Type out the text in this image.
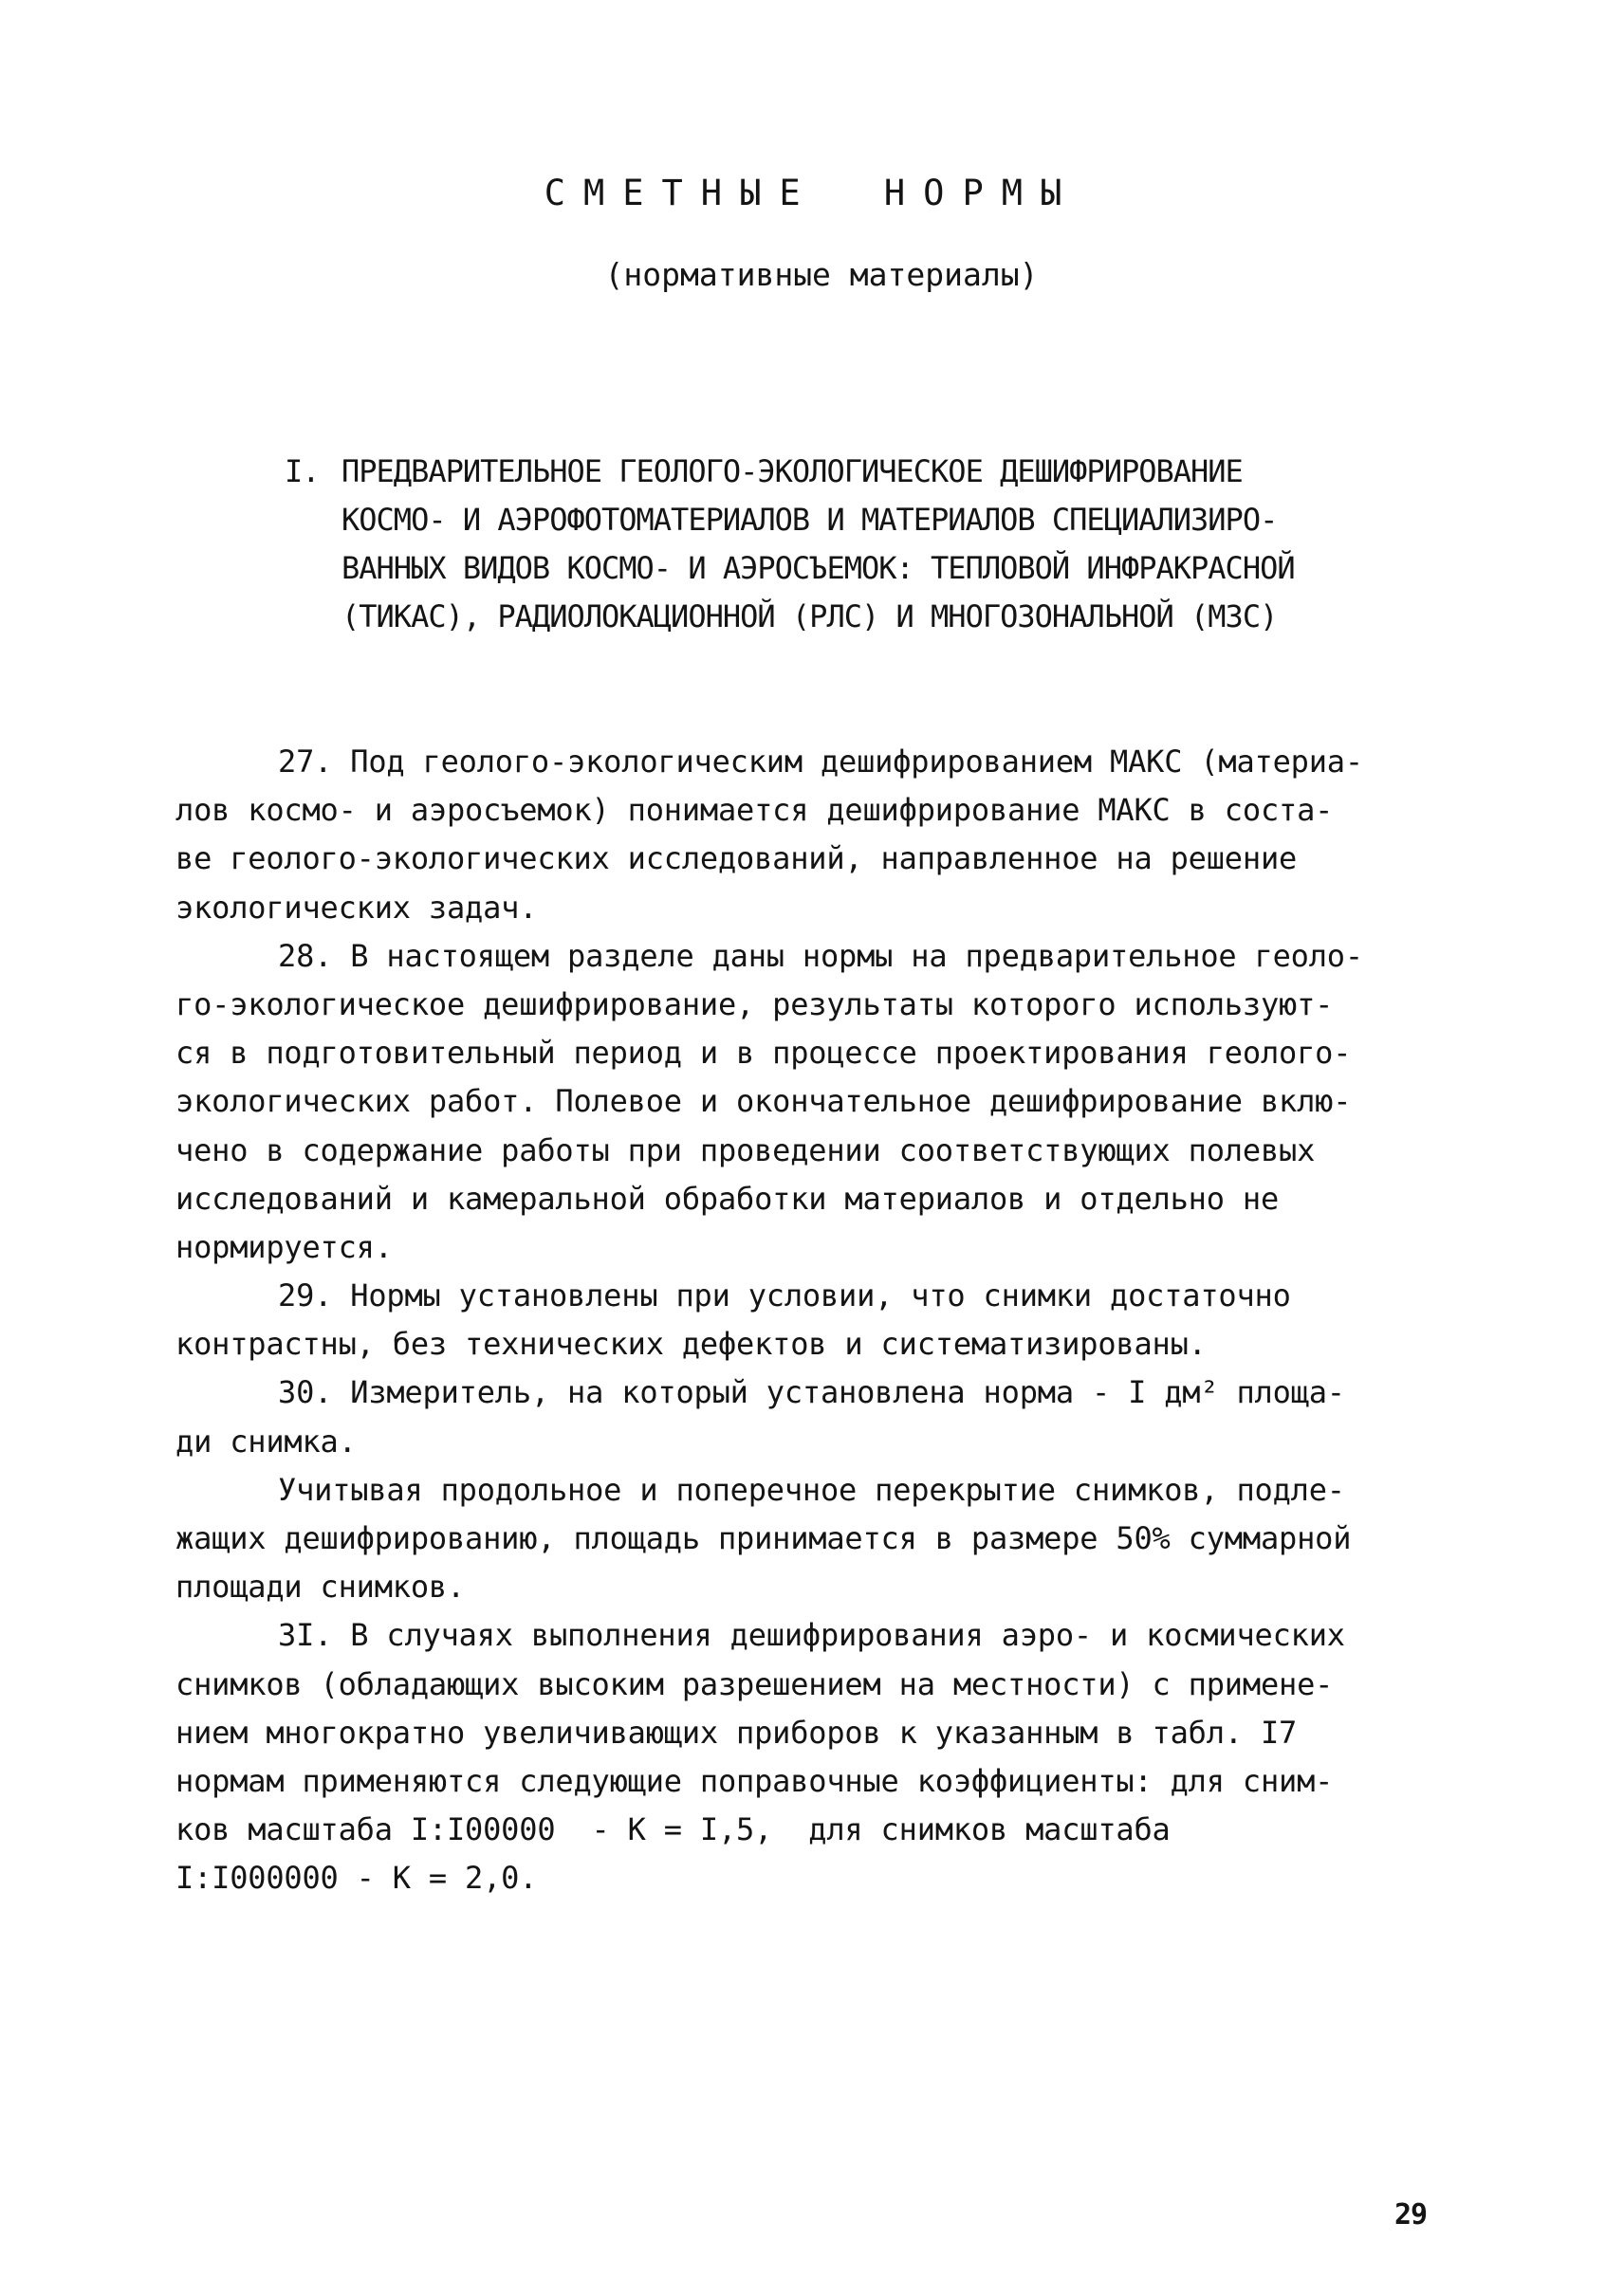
СМЕТНЫЕ НОРМЫ
(нормативные материалы)
I. ПРЕДВАРИТЕЛЬНОЕ ГЕОЛОГО-ЭКОЛОГИЧЕСКОЕ ДЕШИФРИРОВАНИЕ
КОСМО- И АЭРОФОТОМАТЕРИАЛОВ И МАТЕРИАЛОВ СПЕЦИАЛИЗИРО-
ВАННЫХ ВИДОВ КОСМО- И АЭРОСЪЕМОК: ТЕПЛОВОЙ ИНФРАКРАСНОЙ
(ТИКАС), РАДИОЛОКАЦИОННОЙ (РЛС) И МНОГОЗОНАЛЬНОЙ (МЗС)
27. Под геолого-экологическим дешифрированием МАКС (материа-
лов космо- и аэросъемок) понимается дешифрирование МАКС в соста-
ве геолого-экологических исследований, направленное на решение
экологических задач.
28. В настоящем разделе даны нормы на предварительное геоло-
го-экологическое дешифрирование, результаты которого используют-
ся в подготовительный период и в процессе проектирования геолого-
экологических работ. Полевое и окончательное дешифрирование вклю-
чено в содержание работы при проведении соответствующих полевых
исследований и камеральной обработки материалов и отдельно не
нормируется.
29. Нормы установлены при условии, что снимки достаточно
контрастны, без технических дефектов и систематизированы.
30. Измеритель, на который установлена норма - I дм² площа-
ди снимка.
Учитывая продольное и поперечное перекрытие снимков, подле-
жащих дешифрированию, площадь принимается в размере 50% суммарной
площади снимков.
3I. В случаях выполнения дешифрирования аэро- и космических
снимков (обладающих высоким разрешением на местности) с примене-
нием многократно увеличивающих приборов к указанным в табл. I7
нормам применяются следующие поправочные коэффициенты: для сним-
ков масштаба I:I00000  - К = I,5,  для снимков масштаба
I:I000000 - К = 2,0.
29
